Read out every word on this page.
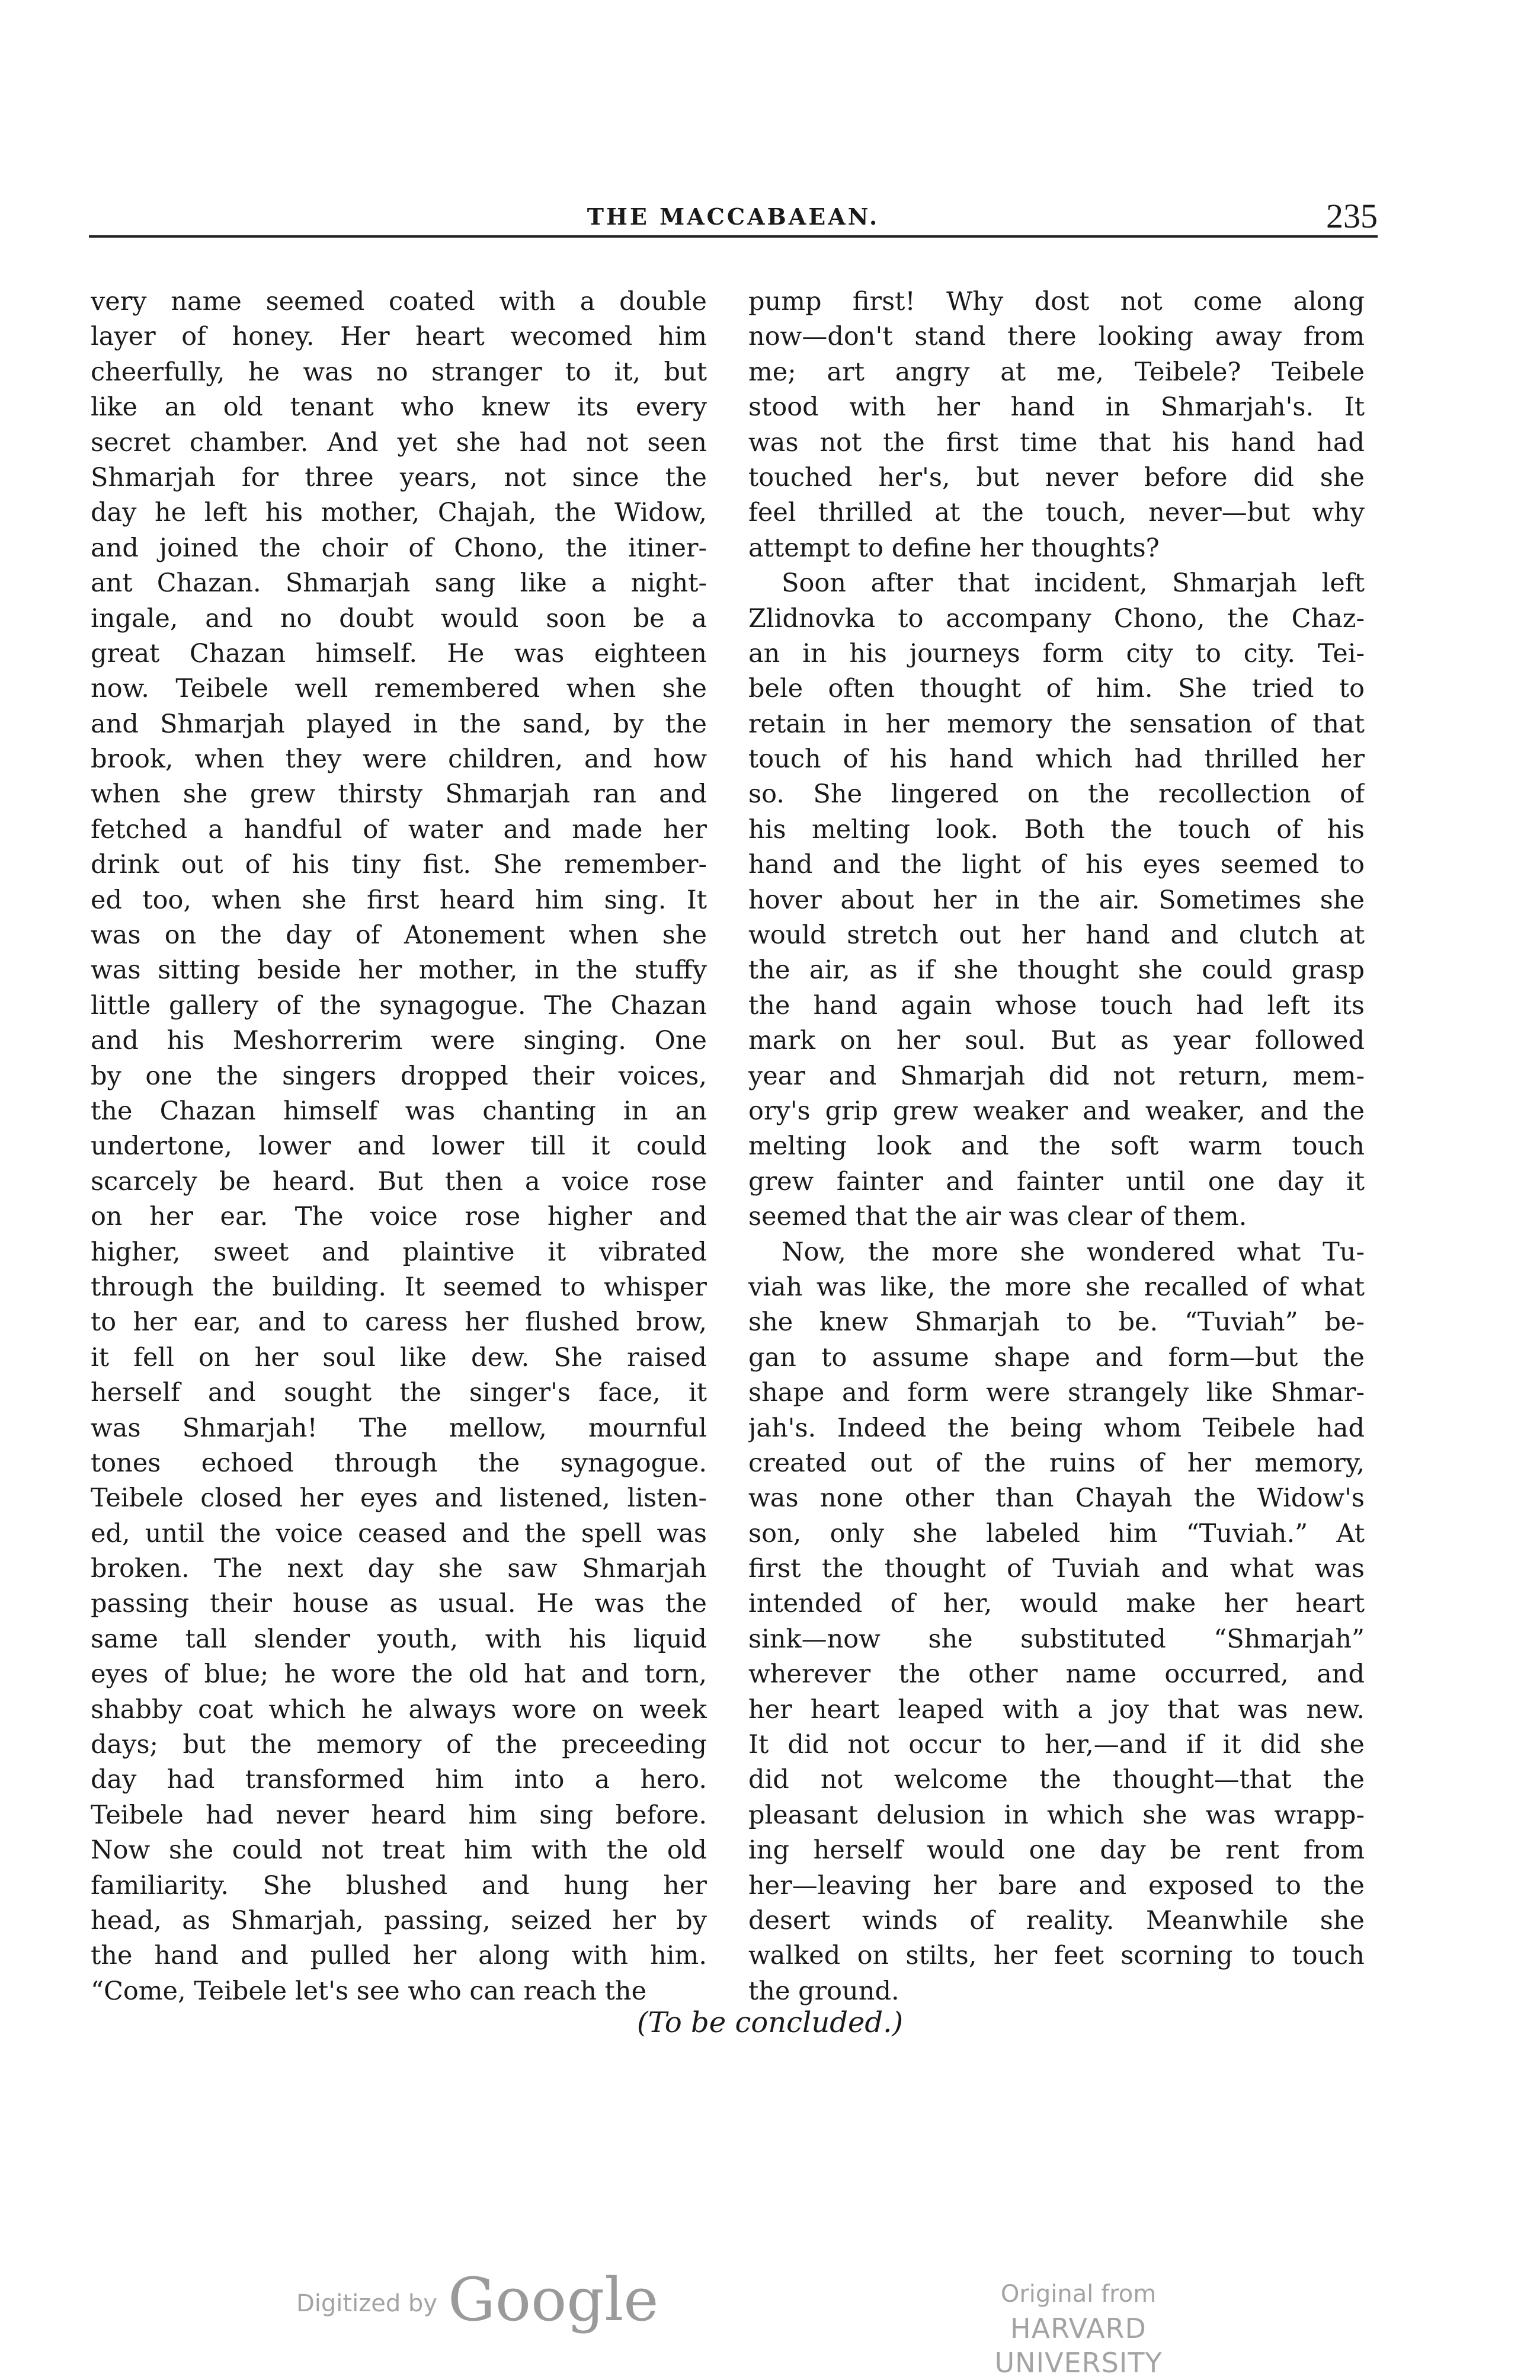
THE MACCABAEAN.	235
very name seemed coated with a double
layer of honey. Her heart wecomed him
cheerfully, he was no stranger to it, but
like an old tenant who knew its every
secret chamber. And yet she had not seen
Shmarjah for three years, not since the
day he left his mother, Chajah, the Widow,
and joined the choir of Chono, the itiner-
ant Chazan. Shmarjah sang like a night-
ingale, and no doubt would soon be a
great Chazan himself. He was eighteen
now. Teibele well remembered when she
and Shmarjah played in the sand, by the
brook, when they were children, and how
when she grew thirsty Shmarjah ran and
fetched a handful of water and made her
drink out of his tiny fist. She remember-
ed too, when she first heard him sing. It
was on the day of Atonement when she
was sitting beside her mother, in the stuffy
little gallery of the synagogue. The Chazan
and his Meshorrerim were singing. One
by one the singers dropped their voices,
the Chazan himself was chanting in an
undertone, lower and lower till it could
scarcely be heard. But then a voice rose
on her ear. The voice rose higher and
higher, sweet and plaintive it vibrated
through the building. It seemed to whisper
to her ear, and to caress her flushed brow,
it fell on her soul like dew. She raised
herself and sought the singer's face, it
was Shmarjah! The mellow, mournful
tones echoed through the synagogue.
Teibele closed her eyes and listened, listen-
ed, until the voice ceased and the spell was
broken. The next day she saw Shmarjah
passing their house as usual. He was the
same tall slender youth, with his liquid
eyes of blue; he wore the old hat and torn,
shabby coat which he always wore on week
days; but the memory of the preceeding
day had transformed him into a hero.
Teibele had never heard him sing before.
Now she could not treat him with the old
familiarity. She blushed and hung her
head, as Shmarjah, passing, seized her by
the hand and pulled her along with him.
“Come, Teibele let's see who can reach the
pump first! Why dost not come along
now—don't stand there looking away from
me; art angry at me, Teibele? Teibele
stood with her hand in Shmarjah's. It
was not the first time that his hand had
touched her's, but never before did she
feel thrilled at the touch, never—but why
attempt to define her thoughts?
Soon after that incident, Shmarjah left
Zlidnovka to accompany Chono, the Chaz-
an in his journeys form city to city. Tei-
bele often thought of him. She tried to
retain in her memory the sensation of that
touch of his hand which had thrilled her
so. She lingered on the recollection of
his melting look. Both the touch of his
hand and the light of his eyes seemed to
hover about her in the air. Sometimes she
would stretch out her hand and clutch at
the air, as if she thought she could grasp
the hand again whose touch had left its
mark on her soul. But as year followed
year and Shmarjah did not return, mem-
ory's grip grew weaker and weaker, and the
melting look and the soft warm touch
grew fainter and fainter until one day it
seemed that the air was clear of them.
Now, the more she wondered what Tu-
viah was like, the more she recalled of what
she knew Shmarjah to be. “Tuviah” be-
gan to assume shape and form—but the
shape and form were strangely like Shmar-
jah's. Indeed the being whom Teibele had
created out of the ruins of her memory,
was none other than Chayah the Widow's
son, only she labeled him “Tuviah.” At
first the thought of Tuviah and what was
intended of her, would make her heart
sink—now she substituted “Shmarjah”
wherever the other name occurred, and
her heart leaped with a joy that was new.
It did not occur to her,—and if it did she
did not welcome the thought—that the
pleasant delusion in which she was wrapp-
ing herself would one day be rent from
her—leaving her bare and exposed to the
desert winds of reality. Meanwhile she
walked on stilts, her feet scorning to touch
the ground.
(To be concluded.)
Digitized by Google	Original from
HARVARD UNIVERSITY
